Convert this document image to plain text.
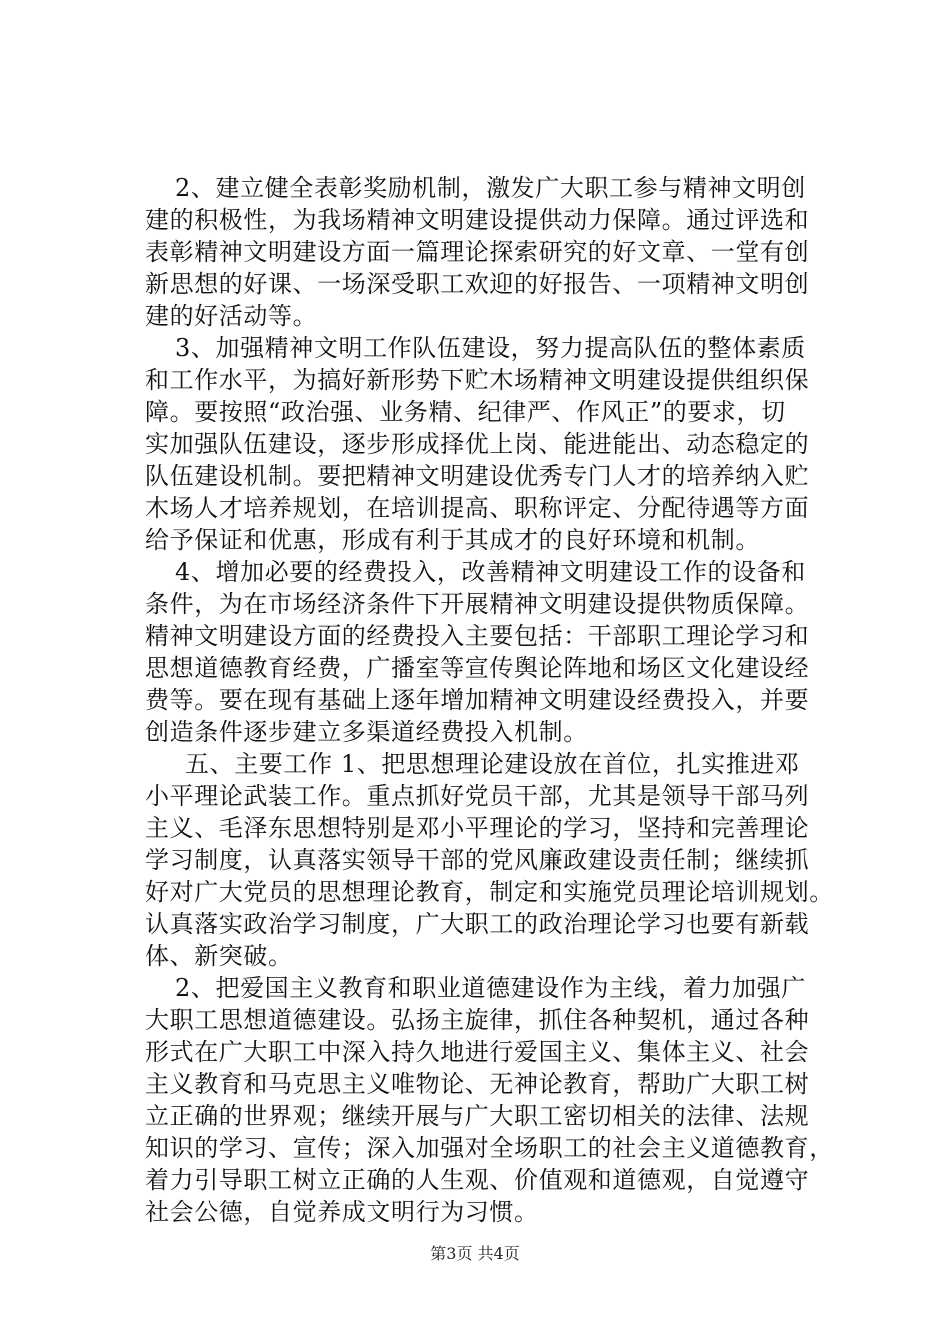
2、建立健全表彰奖励机制，激发广大职工参与精神文明创
建的积极性，为我场精神文明建设提供动力保障。通过评选和
表彰精神文明建设方面一篇理论探索研究的好文章、一堂有创
新思想的好课、一场深受职工欢迎的好报告、一项精神文明创
建的好活动等。
3、加强精神文明工作队伍建设，努力提高队伍的整体素质
和工作水平，为搞好新形势下贮木场精神文明建设提供组织保
障。要按照“政治强、业务精、纪律严、作风正”的要求，切
实加强队伍建设，逐步形成择优上岗、能进能出、动态稳定的
队伍建设机制。要把精神文明建设优秀专门人才的培养纳入贮
木场人才培养规划，在培训提高、职称评定、分配待遇等方面
给予保证和优惠，形成有利于其成才的良好环境和机制。
4、增加必要的经费投入，改善精神文明建设工作的设备和
条件，为在市场经济条件下开展精神文明建设提供物质保障。
精神文明建设方面的经费投入主要包括：干部职工理论学习和
思想道德教育经费，广播室等宣传舆论阵地和场区文化建设经
费等。要在现有基础上逐年增加精神文明建设经费投入，并要
创造条件逐步建立多渠道经费投入机制。
五、主要工作 1、把思想理论建设放在首位，扎实推进邓
小平理论武装工作。重点抓好党员干部，尤其是领导干部马列
主义、毛泽东思想特别是邓小平理论的学习，坚持和完善理论
学习制度，认真落实领导干部的党风廉政建设责任制；继续抓
好对广大党员的思想理论教育，制定和实施党员理论培训规划。
认真落实政治学习制度，广大职工的政治理论学习也要有新载
体、新突破。
2、把爱国主义教育和职业道德建设作为主线，着力加强广
大职工思想道德建设。弘扬主旋律，抓住各种契机，通过各种
形式在广大职工中深入持久地进行爱国主义、集体主义、社会
主义教育和马克思主义唯物论、无神论教育，帮助广大职工树
立正确的世界观；继续开展与广大职工密切相关的法律、法规
知识的学习、宣传；深入加强对全场职工的社会主义道德教育，
着力引导职工树立正确的人生观、价值观和道德观，自觉遵守
社会公德，自觉养成文明行为习惯。
第3页 共4页
